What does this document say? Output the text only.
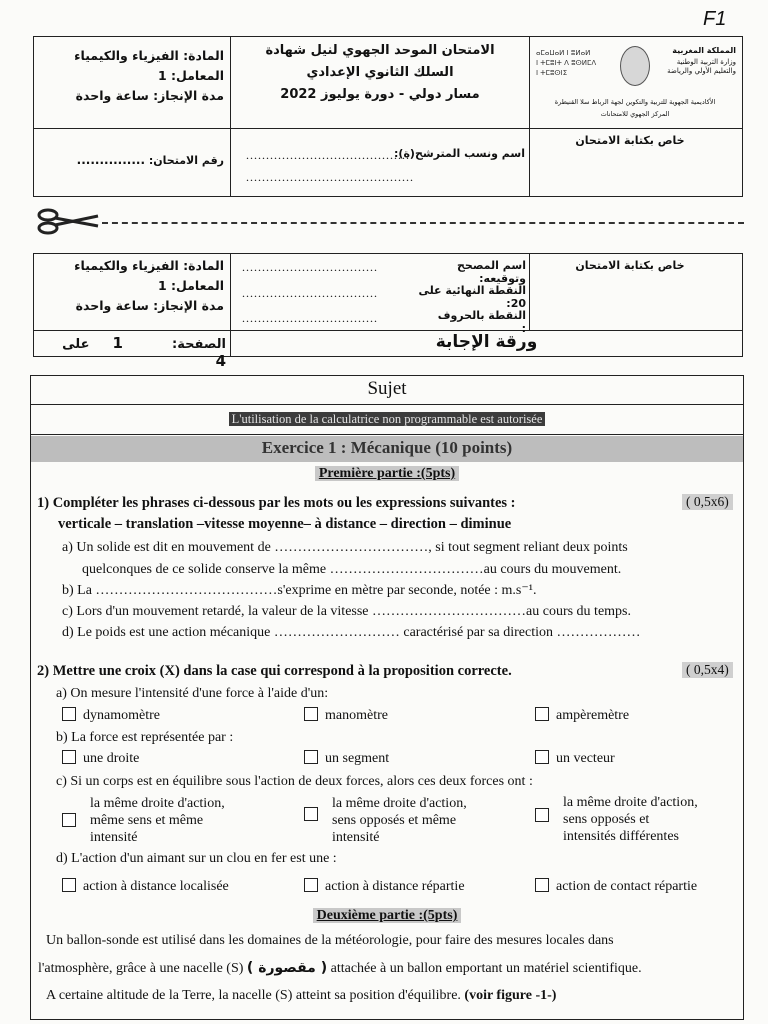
F1
المادة: الفيزياء والكيمياء
المعامل: 1
مدة الإنجاز: ساعة واحدة
الامتحان الموحد الجهوي لنيل شهادة
السلك الثانوي الإعدادي
مسار دولي - دورة يوليوز 2022
المملكة المغربية
وزارة التربية الوطنية والتعليم الأولي والرياضة
ⴰⵎⴰⵡⴰⵍ ⵏ ⵓⵍⴰⵍ
ⵏ ⵜⵎⵓⵏⵜ ⴷ ⵓⵙⵍⵎⴷ
ⵏ ⵜⵎⵓⵙⵏⵉ
الأكاديمية الجهوية للتربية والتكوين لجهة الرباط سلا القنيطرة
المركز الجهوي للامتحانات
رقم الامتحان: ...............	اسم ونسب المترشح(ة):
..........................................
..........................................
خاص بكتابة الامتحان
المادة: الفيزياء والكيمياء
المعامل: 1
مدة الإنجاز: ساعة واحدة
اسم المصحح وتوقيعه:
..................................
النقطة النهائية على 20:
..................................
النقطة بالحروف :
..................................
خاص بكتابة الامتحان
الصفحة:  1  على  4
ورقة الإجابة
Sujet
L'utilisation de la calculatrice non programmable est autorisée
Exercice 1 : Mécanique (10 points)
Première partie :(5pts)
1) Compléter les phrases ci-dessous par les mots ou les expressions suivantes :	( 0,5x6)
verticale – translation –vitesse moyenne– à distance – direction – diminue
a) Un solide est dit en mouvement de ……………………………, si tout segment reliant deux points
quelconques de ce solide conserve la même ……………………………au cours du mouvement.
b) La …………………………………s'exprime en mètre par seconde, notée : m.s⁻¹.
c) Lors d'un mouvement retardé, la valeur de la vitesse ……………………………au cours du temps.
d) Le poids est une action mécanique ……………………… caractérisé par sa direction ………………
2) Mettre une croix (X) dans la case qui correspond à la proposition correcte.	( 0,5x4)
a) On mesure l'intensité d'une force à l'aide d'un:
dynamomètre	manomètre	ampèremètre
b) La force est représentée par :
une droite	un segment	un vecteur
c) Si un corps est en équilibre sous l'action de deux forces, alors ces deux forces ont :
la même droite d'action,
même sens et même
intensité
la même droite d'action,
sens opposés et même
intensité
la même droite d'action,
sens opposés et
intensités différentes
d) L'action d'un aimant sur un clou en fer est une :
action à distance localisée	action à distance répartie	action de contact répartie
Deuxième partie :(5pts)
Un ballon-sonde est utilisé dans les domaines de la météorologie, pour faire des mesures locales dans
l'atmosphère, grâce à une nacelle (S) ( مقصورة ) attachée à un ballon emportant un matériel scientifique.
A certaine altitude de la Terre, la nacelle (S) atteint sa position d'équilibre. (voir figure -1-)
